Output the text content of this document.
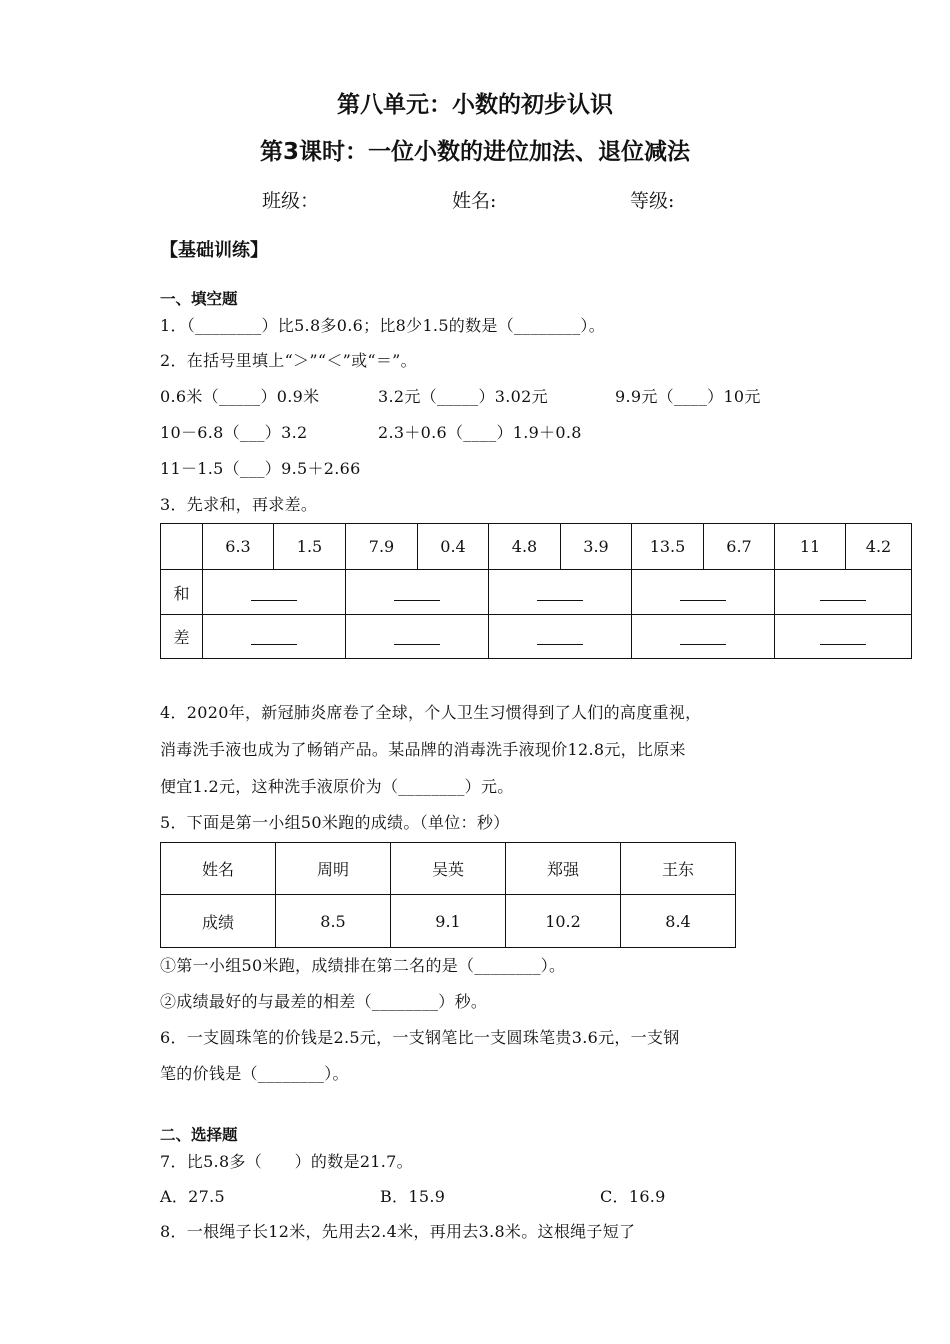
第八单元：小数的初步认识
第3课时：一位小数的进位加法、退位减法
班级：	姓名:	等级:
【基础训练】
一、填空题
1．（________）比5.8多0.6；比8少1.5的数是（________）。
2．在括号里填上“＞”“＜”或“＝”。
0.6米（_____）0.9米	3.2元（_____）3.02元	9.9元（____）10元
10－6.8（___）3.2	2.3＋0.6（____）1.9＋0.8
11－1.5（___）9.5＋2.66
3．先求和，再求差。
	6.3	1.5	7.9	0.4	4.8	3.9	13.5	6.7	11	4.2
和										
差										
4．2020年，新冠肺炎席卷了全球，个人卫生习惯得到了人们的高度重视，
消毒洗手液也成为了畅销产品。某品牌的消毒洗手液现价12.8元，比原来
便宜1.2元，这种洗手液原价为（________）元。
5．下面是第一小组50米跑的成绩。（单位：秒）
姓名	周明	吴英	郑强	王东
成绩	8.5	9.1	10.2	8.4
①第一小组50米跑，成绩排在第二名的是（________）。
②成绩最好的与最差的相差（________）秒。
6．一支圆珠笔的价钱是2.5元，一支钢笔比一支圆珠笔贵3.6元，一支钢
笔的价钱是（________）。
二、选择题
7．比5.8多（　　）的数是21.7。
A．27.5	B．15.9	C．16.9
8．一根绳子长12米，先用去2.4米，再用去3.8米。这根绳子短了
